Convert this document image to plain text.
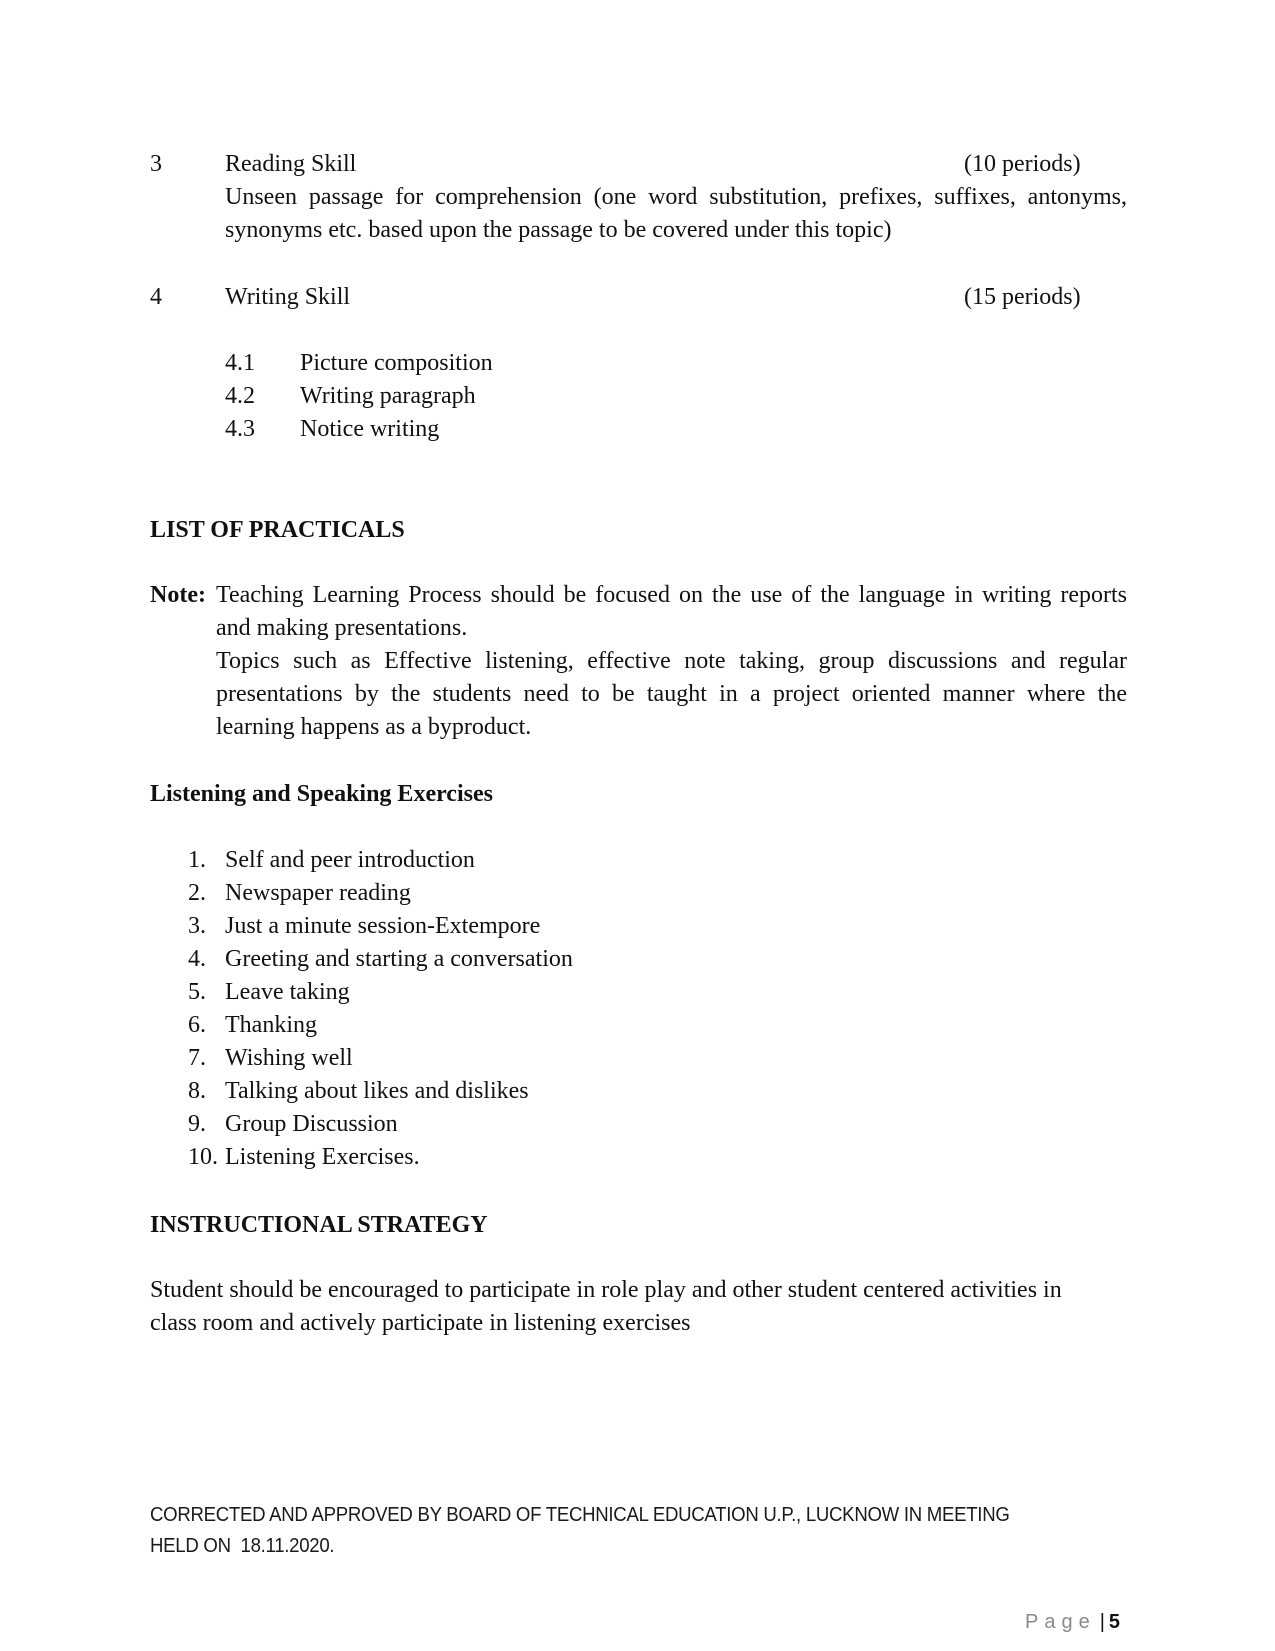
3	Reading Skill	(10 periods)
Unseen passage for comprehension (one word substitution, prefixes, suffixes, antonyms,
synonyms etc. based upon the passage to be covered under this topic)
4	Writing Skill	(15 periods)
4.1 Picture composition
4.2 Writing paragraph
4.3 Notice writing
LIST OF PRACTICALS
Note: Teaching Learning Process should be focused on the use of the language in writing reports
and making presentations.
Topics such as Effective listening, effective note taking, group discussions and regular
presentations by the students need to be taught in a project oriented manner where the
learning happens as a byproduct.
Listening and Speaking Exercises
1. Self and peer introduction
2. Newspaper reading
3. Just a minute session-Extempore
4. Greeting and starting a conversation
5. Leave taking
6. Thanking
7. Wishing well
8. Talking about likes and dislikes
9. Group Discussion
10. Listening Exercises.
INSTRUCTIONAL STRATEGY
Student should be encouraged to participate in role play and other student centered activities in
class room and actively participate in listening exercises
CORRECTED AND APPROVED BY BOARD OF TECHNICAL EDUCATION U.P., LUCKNOW IN MEETING
HELD ON  18.11.2020.
Page | 5
